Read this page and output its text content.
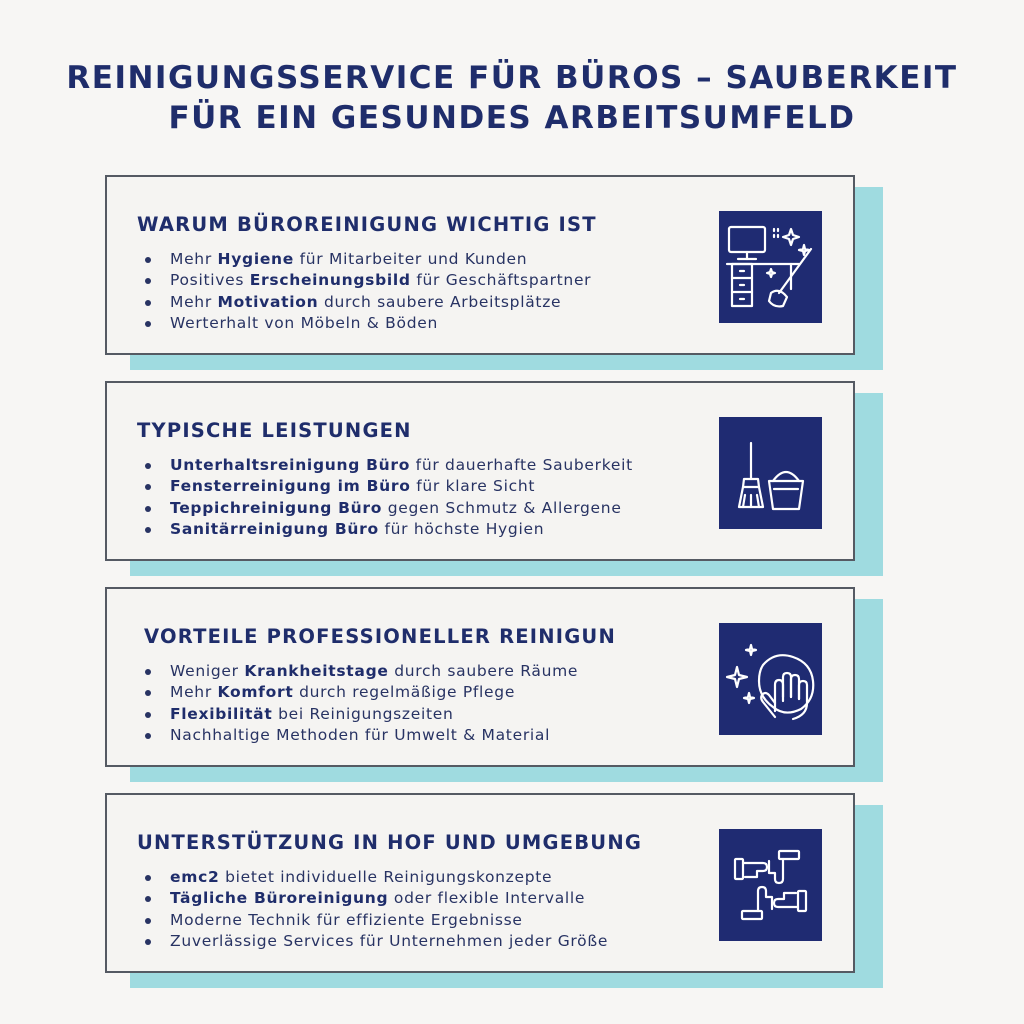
REINIGUNGSSERVICE FÜR BÜROS – SAUBERKEIT
FÜR EIN GESUNDES ARBEITSUMFELD
WARUM BÜROREINIGUNG WICHTIG IST
Mehr Hygiene für Mitarbeiter und Kunden
Positives Erscheinungsbild für Geschäftspartner
Mehr Motivation durch saubere Arbeitsplätze
Werterhalt von Möbeln & Böden
TYPISCHE LEISTUNGEN
Unterhaltsreinigung Büro für dauerhafte Sauberkeit
Fensterreinigung im Büro für klare Sicht
Teppichreinigung Büro gegen Schmutz & Allergene
Sanitärreinigung Büro für höchste Hygien
VORTEILE PROFESSIONELLER REINIGUN
Weniger Krankheitstage durch saubere Räume
Mehr Komfort durch regelmäßige Pflege
Flexibilität bei Reinigungszeiten
Nachhaltige Methoden für Umwelt & Material
UNTERSTÜTZUNG IN HOF UND UMGEBUNG
emc2 bietet individuelle Reinigungskonzepte
Tägliche Büroreinigung oder flexible Intervalle
Moderne Technik für effiziente Ergebnisse
Zuverlässige Services für Unternehmen jeder Größe
